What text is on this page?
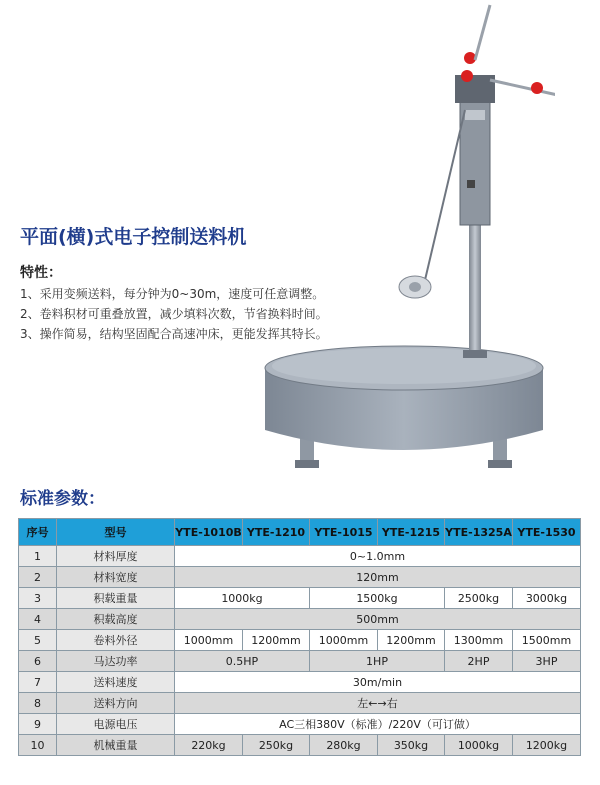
平面(横)式电子控制送料机
特性：
1、采用变频送料，每分钟为0~30m，速度可任意调整。
2、卷料积材可重叠放置，减少填料次数，节省换料时间。
3、操作简易，结构坚固配合高速冲床，更能发挥其特长。
标准参数：
序号	型号	YTE-1010B	YTE-1210	YTE-1015	YTE-1215	YTE-1325A	YTE-1530
1	材料厚度	0~1.0mm					
2	材料宽度	120mm					
3	积载重量	1000kg		1500kg		2500kg	3000kg
4	积载高度	500mm					
5	卷料外径	1000mm	1200mm	1000mm	1200mm	1300mm	1500mm
6	马达功率	0.5HP		1HP		2HP	3HP
7	送料速度	30m/min					
8	送料方向	左←→右					
9	电源电压	AC三相380V（标准）/220V（可订做）					
10	机械重量	220kg	250kg	280kg	350kg	1000kg	1200kg
